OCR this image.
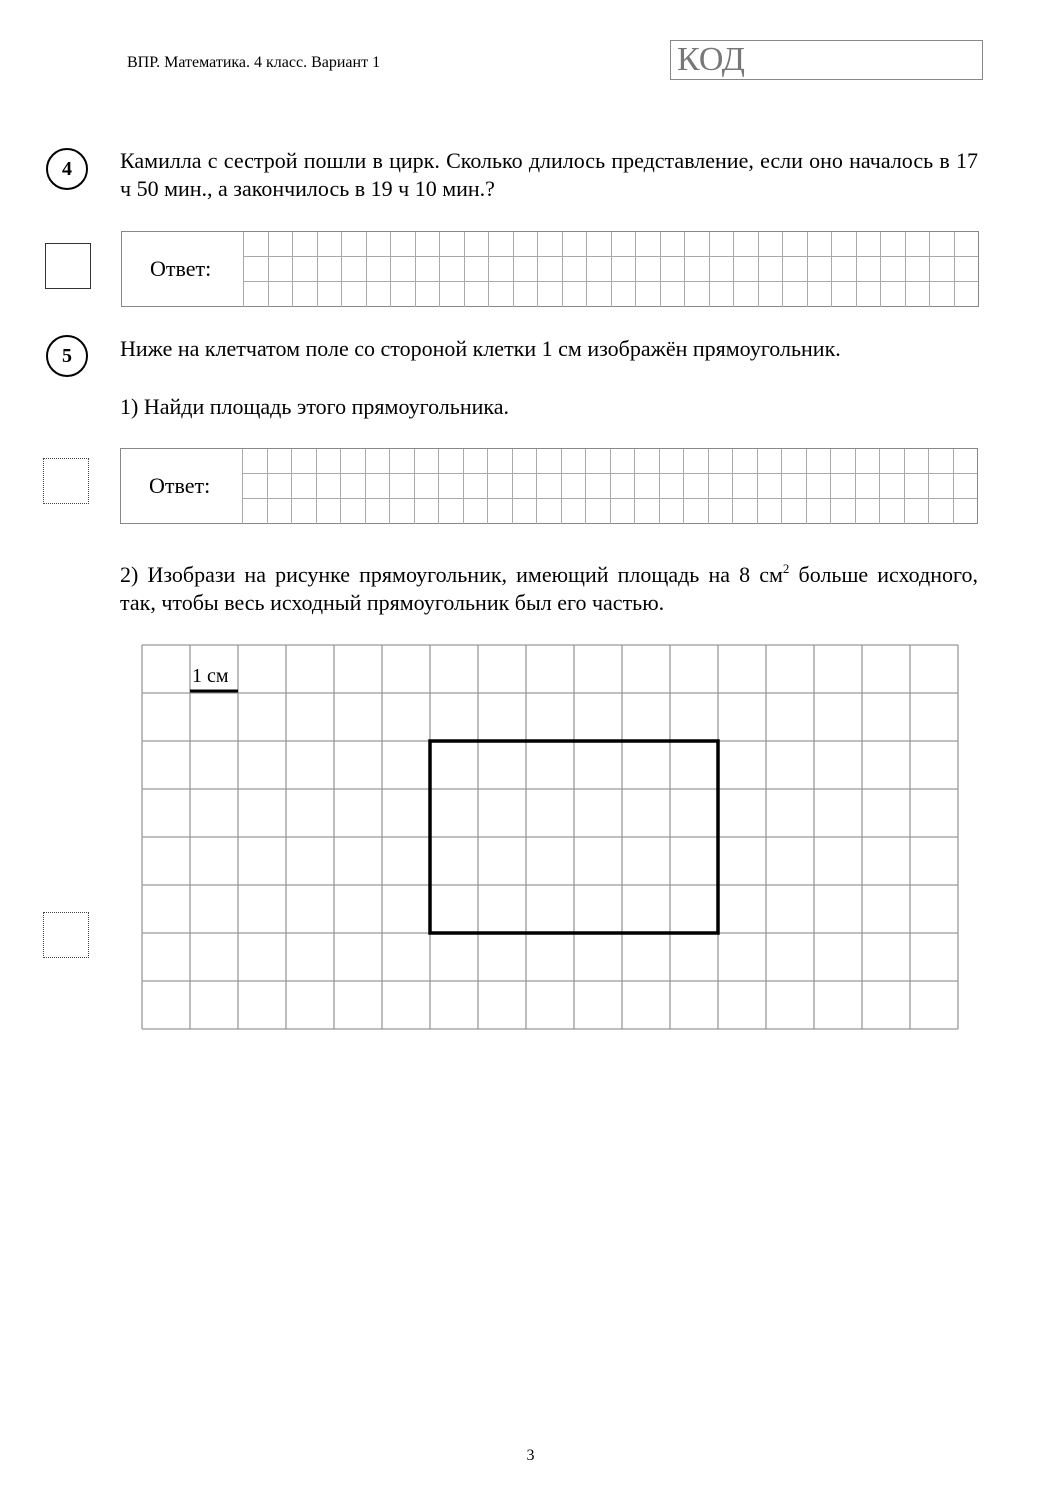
ВПР. Математика. 4 класс. Вариант 1	КОД
4	Камилла с сестрой пошли в цирк. Сколько длилось представление, если оно началось в 17 ч 50 мин., а закончилось в 19 ч 10 мин.?
Ответ:
5	Ниже на клетчатом поле со стороной клетки 1 см изображён прямоугольник.
1) Найди площадь этого прямоугольника.
Ответ:
2) Изобрази на рисунке прямоугольник, имеющий площадь на 8 $см^2$ больше исходного, так, чтобы весь исходный прямоугольник был его частью.
1 см
3
